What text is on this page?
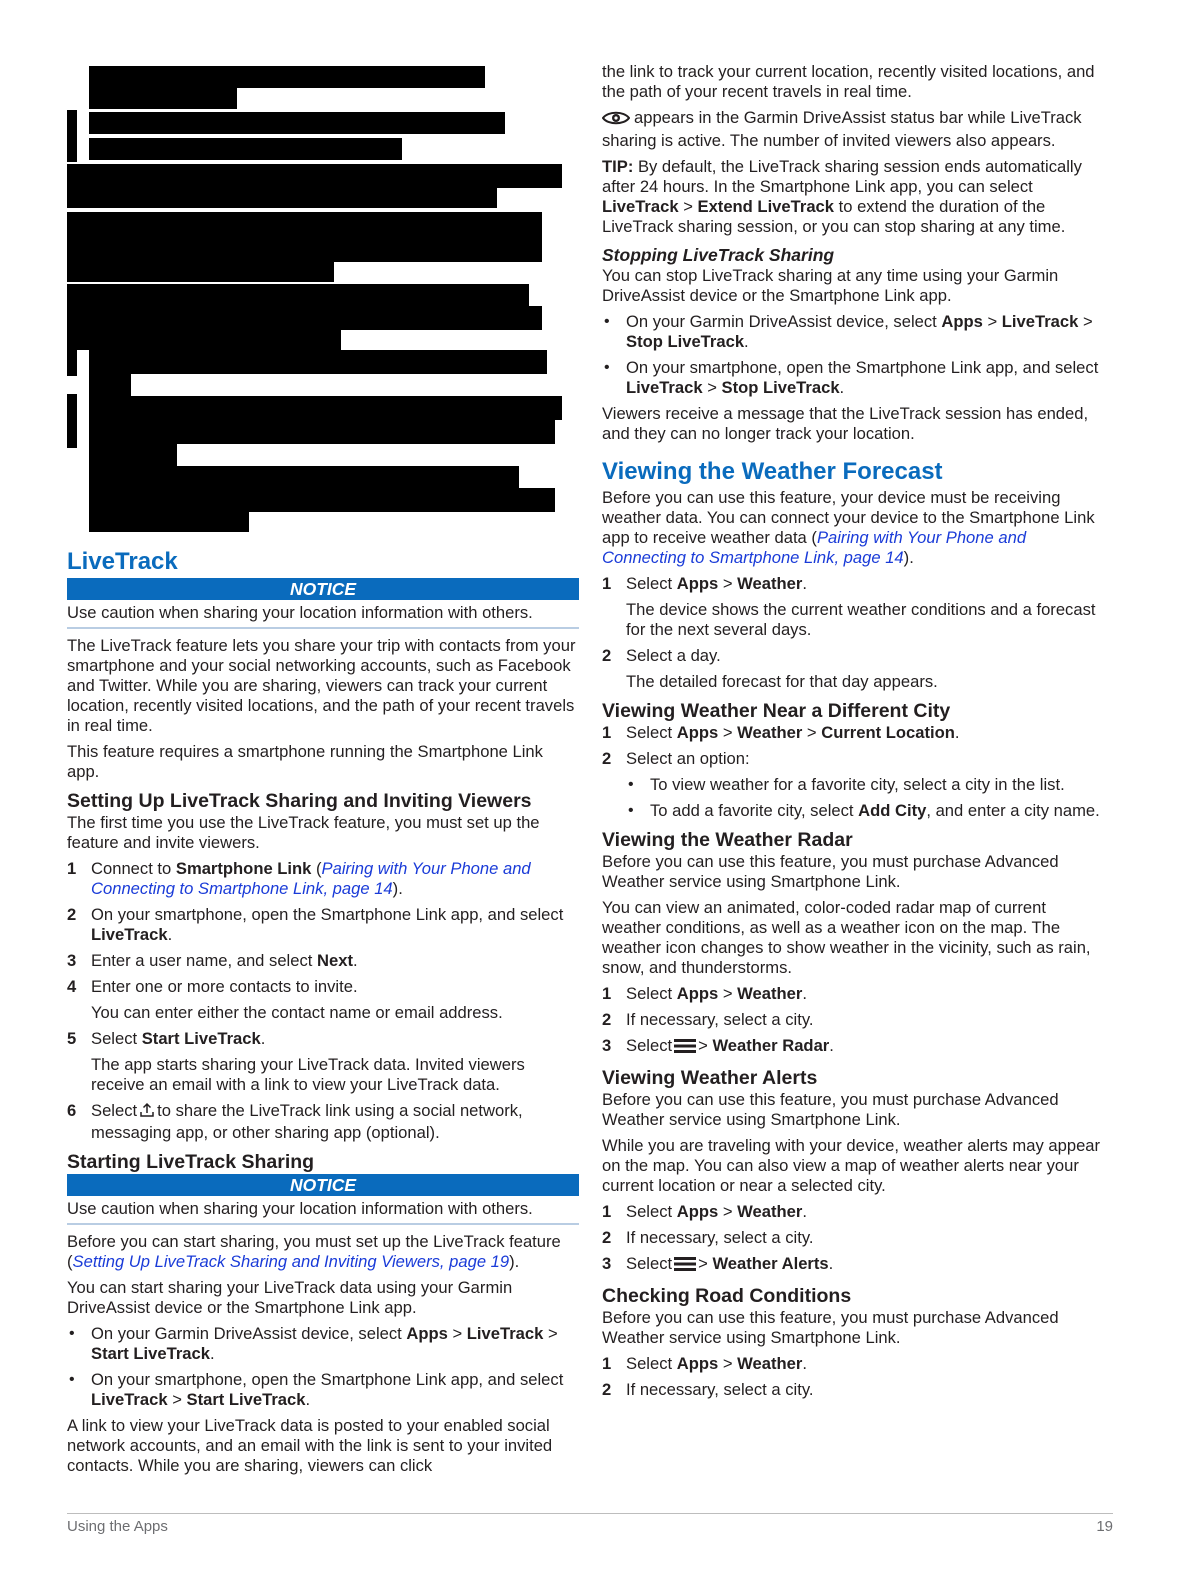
LiveTrack
NOTICE
Use caution when sharing your location information with others.

The LiveTrack feature lets you share your trip with contacts from your smartphone and your social networking accounts, such as Facebook and Twitter. While you are sharing, viewers can track your current location, recently visited locations, and the path of your recent travels in real time.

This feature requires a smartphone running the Smartphone Link app.

Setting Up LiveTrack Sharing and Inviting Viewers

The first time you use the LiveTrack feature, you must set up the feature and invite viewers.

1 Connect to Smartphone Link (Pairing with Your Phone and Connecting to Smartphone Link, page 14).

2 On your smartphone, open the Smartphone Link app, and select LiveTrack.

3 Enter a user name, and select Next.

4 Enter one or more contacts to invite.

You can enter either the contact name or email address.

5 Select Start LiveTrack.

The app starts sharing your LiveTrack data. Invited viewers receive an email with a link to view your LiveTrack data.

6 Select to share the LiveTrack link using a social network, messaging app, or other sharing app (optional).

Starting LiveTrack Sharing
NOTICE
Use caution when sharing your location information with others.

Before you can start sharing, you must set up the LiveTrack feature (Setting Up LiveTrack Sharing and Inviting Viewers, page 19).

You can start sharing your LiveTrack data using your Garmin DriveAssist device or the Smartphone Link app.

• On your Garmin DriveAssist device, select Apps > LiveTrack > Start LiveTrack.

• On your smartphone, open the Smartphone Link app, and select LiveTrack > Start LiveTrack.

A link to view your LiveTrack data is posted to your enabled social network accounts, and an email with the link is sent to your invited contacts. While you are sharing, viewers can click

the link to track your current location, recently visited locations, and the path of your recent travels in real time.

appears in the Garmin DriveAssist status bar while LiveTrack sharing is active. The number of invited viewers also appears.

TIP: By default, the LiveTrack sharing session ends automatically after 24 hours. In the Smartphone Link app, you can select LiveTrack > Extend LiveTrack to extend the duration of the LiveTrack sharing session, or you can stop sharing at any time.

Stopping LiveTrack Sharing

You can stop LiveTrack sharing at any time using your Garmin DriveAssist device or the Smartphone Link app.

• On your Garmin DriveAssist device, select Apps > LiveTrack > Stop LiveTrack.

• On your smartphone, open the Smartphone Link app, and select LiveTrack > Stop LiveTrack.

Viewers receive a message that the LiveTrack session has ended, and they can no longer track your location.

Viewing the Weather Forecast

Before you can use this feature, your device must be receiving weather data. You can connect your device to the Smartphone Link app to receive weather data (Pairing with Your Phone and Connecting to Smartphone Link, page 14).

1 Select Apps > Weather.

The device shows the current weather conditions and a forecast for the next several days.

2 Select a day.

The detailed forecast for that day appears.

Viewing Weather Near a Different City
1 Select Apps > Weather > Current Location.

2 Select an option:

• To view weather for a favorite city, select a city in the list.

• To add a favorite city, select Add City, and enter a city name.

Viewing the Weather Radar

Before you can use this feature, you must purchase Advanced Weather service using Smartphone Link.

You can view an animated, color-coded radar map of current weather conditions, as well as a weather icon on the map. The weather icon changes to show weather in the vicinity, such as rain, snow, and thunderstorms.

1 Select Apps > Weather.

2 If necessary, select a city.

3 Select > Weather Radar.

Viewing Weather Alerts

Before you can use this feature, you must purchase Advanced Weather service using Smartphone Link.

While you are traveling with your device, weather alerts may appear on the map. You can also view a map of weather alerts near your current location or near a selected city.

1 Select Apps > Weather.

2 If necessary, select a city.

3 Select > Weather Alerts.

Checking Road Conditions

Before you can use this feature, you must purchase Advanced Weather service using Smartphone Link.

1 Select Apps > Weather.

2 If necessary, select a city.

Using the Apps	19
